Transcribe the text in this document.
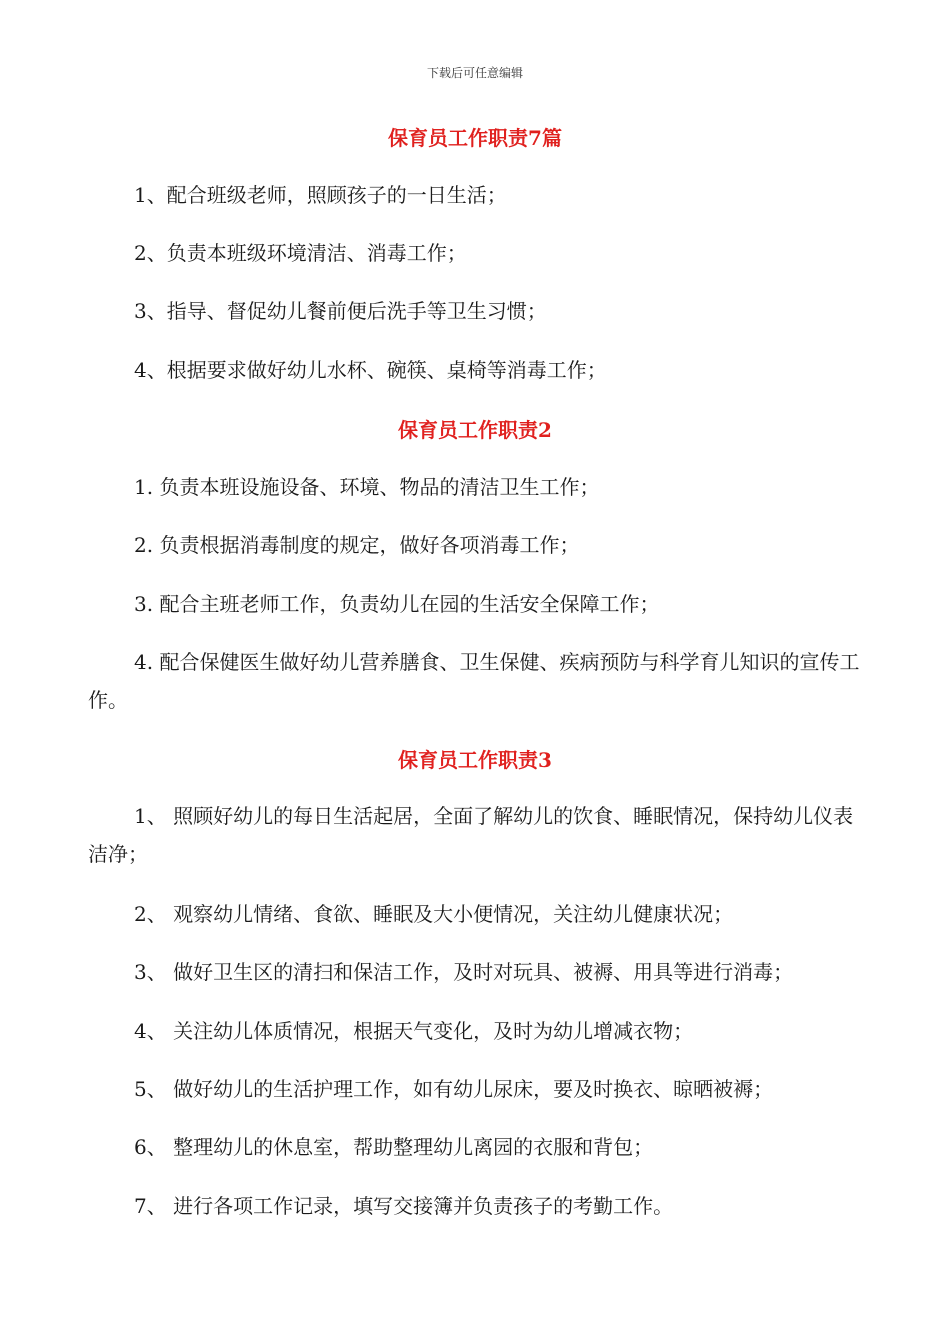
下载后可任意编辑
保育员工作职责7篇

1、配合班级老师，照顾孩子的一日生活；

2、负责本班级环境清洁、消毒工作；

3、指导、督促幼儿餐前便后洗手等卫生习惯；

4、根据要求做好幼儿水杯、碗筷、桌椅等消毒工作；

保育员工作职责2

1. 负责本班设施设备、环境、物品的清洁卫生工作；

2. 负责根据消毒制度的规定，做好各项消毒工作；

3. 配合主班老师工作，负责幼儿在园的生活安全保障工作；

4. 配合保健医生做好幼儿营养膳食、卫生保健、疾病预防与科学育儿知识的宣传工作。

保育员工作职责3

1、 照顾好幼儿的每日生活起居，全面了解幼儿的饮食、睡眠情况，保持幼儿仪表洁净；

2、 观察幼儿情绪、食欲、睡眠及大小便情况，关注幼儿健康状况；

3、 做好卫生区的清扫和保洁工作，及时对玩具、被褥、用具等进行消毒；

4、 关注幼儿体质情况，根据天气变化，及时为幼儿增减衣物；

5、 做好幼儿的生活护理工作，如有幼儿尿床，要及时换衣、晾晒被褥；

6、 整理幼儿的休息室，帮助整理幼儿离园的衣服和背包；

7、 进行各项工作记录，填写交接簿并负责孩子的考勤工作。
